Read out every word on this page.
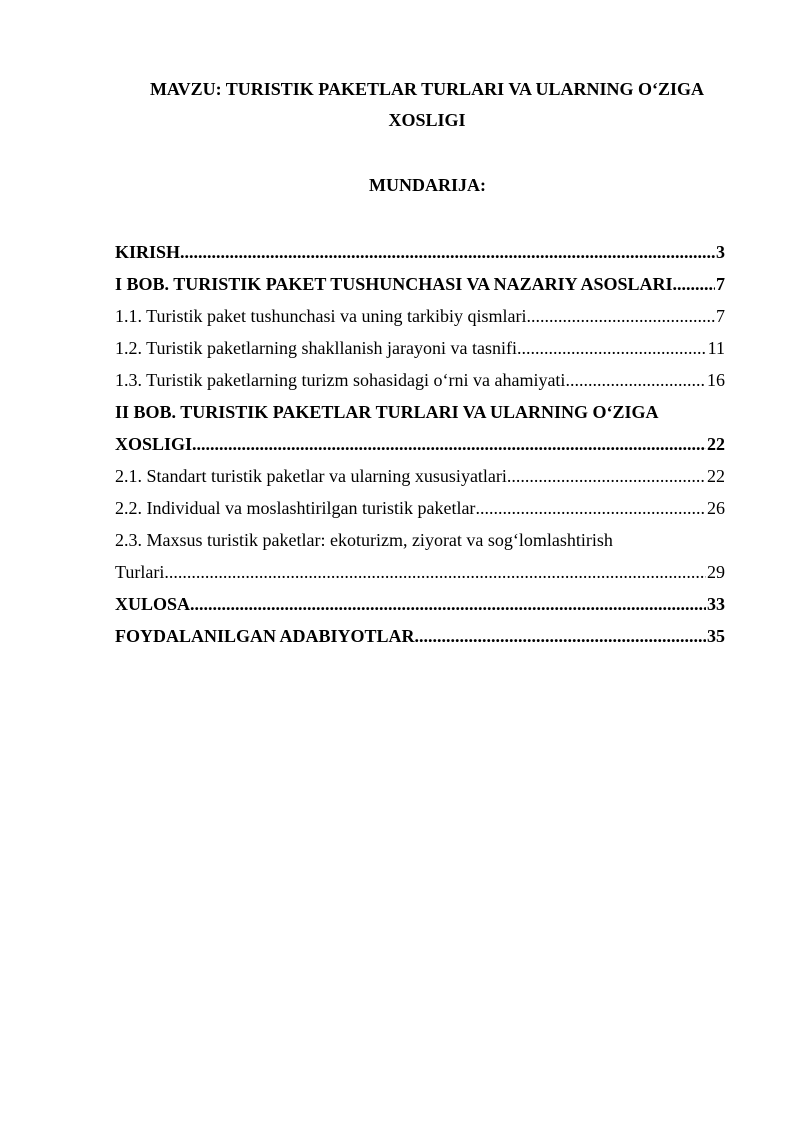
MAVZU: TURISTIK PAKETLAR TURLARI VA ULARNING O‘ZIGA XOSLIGI
MUNDARIJA:
KIRISH .....	3
I BOB. TURISTIK PAKET TUSHUNCHASI VA NAZARIY ASOSLARI. ..... 7
1.1. Turistik paket tushunchasi va uning tarkibiy qismlari .....	7
1.2. Turistik paketlarning shakllanish jarayoni va tasnifi .....	11
1.3. Turistik paketlarning turizm sohasidagi o‘rni va ahamiyati .....	16
II BOB. TURISTIK PAKETLAR TURLARI VA ULARNING O‘ZIGA
XOSLIGI .....	22
2.1. Standart turistik paketlar va ularning xususiyatlari .....	22
2.2. Individual va moslashtirilgan turistik paketlar .....	26
2.3. Maxsus turistik paketlar: ekoturizm, ziyorat va sog‘lomlashtirish
Turlari .....	29
XULOSA .....	33
FOYDALANILGAN ADABIYOTLAR .....	35
